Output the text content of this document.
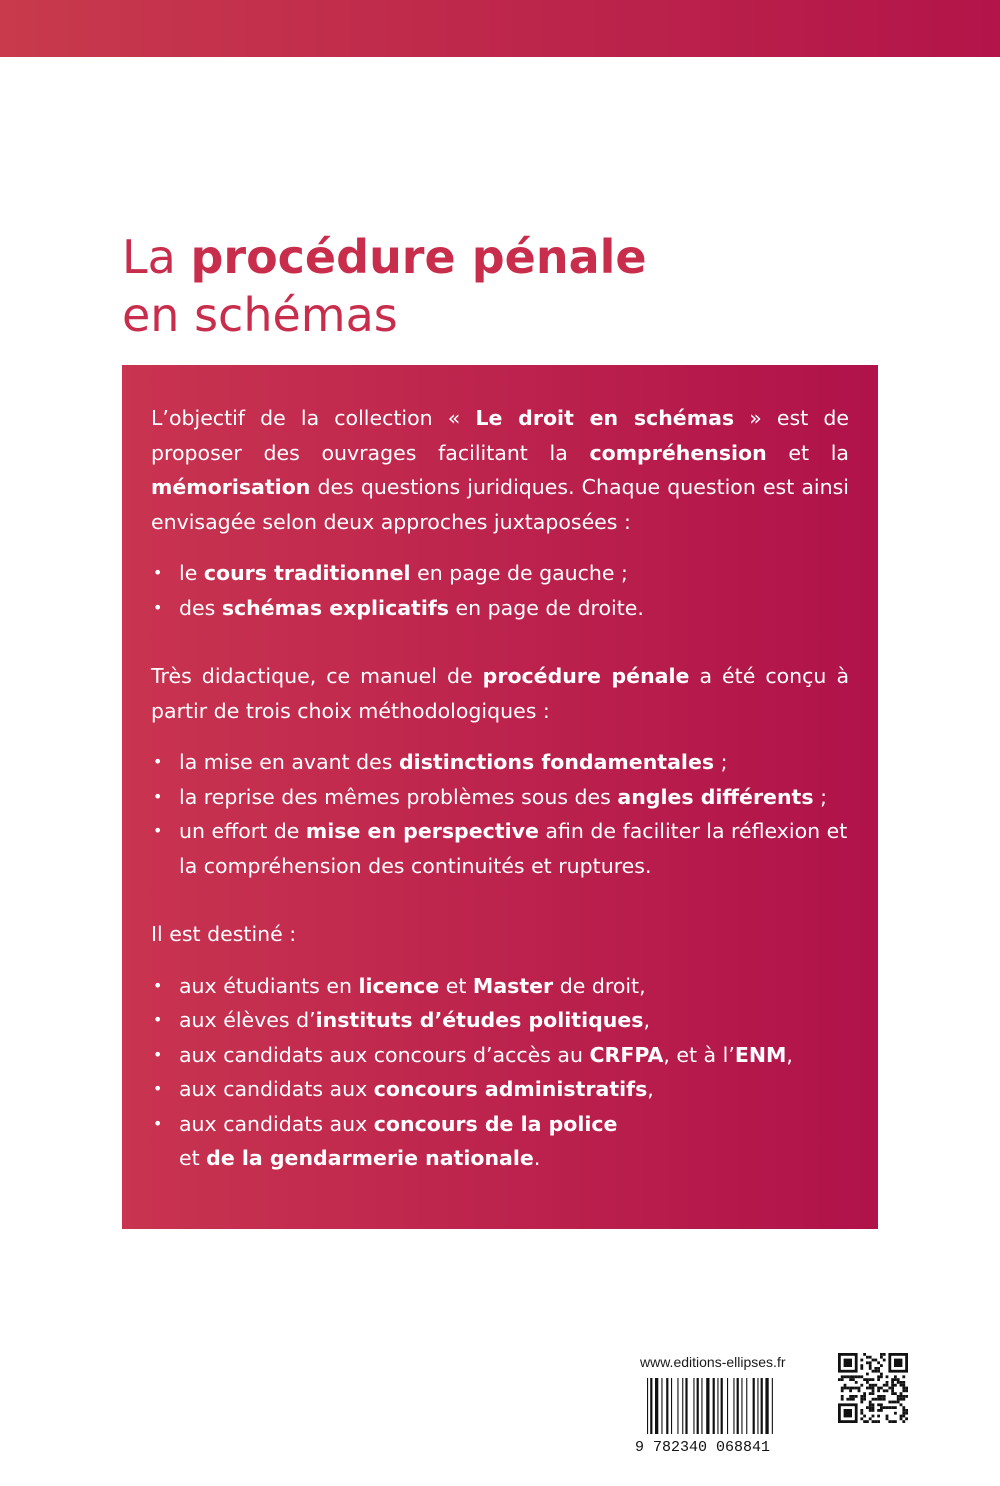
La procédure pénale
en schémas

L’objectif de la collection « Le droit en schémas » est de proposer des ouvrages facilitant la compréhension et la mémorisation des questions juridiques. Chaque question est ainsi envisagée selon deux approches juxtaposées :

• le cours traditionnel en page de gauche ;
• des schémas explicatifs en page de droite.

Très didactique, ce manuel de procédure pénale a été conçu à partir de trois choix méthodologiques :

• la mise en avant des distinctions fondamentales ;
• la reprise des mêmes problèmes sous des angles différents ;
• un effort de mise en perspective afin de faciliter la réflexion et la compréhension des continuités et ruptures.

Il est destiné :

• aux étudiants en licence et Master de droit,
• aux élèves d’instituts d’études politiques,
• aux candidats aux concours d’accès au CRFPA, et à l’ENM,
• aux candidats aux concours administratifs,
• aux candidats aux concours de la police
et de la gendarmerie nationale.
www.editions-ellipses.fr
9 782340 068841
